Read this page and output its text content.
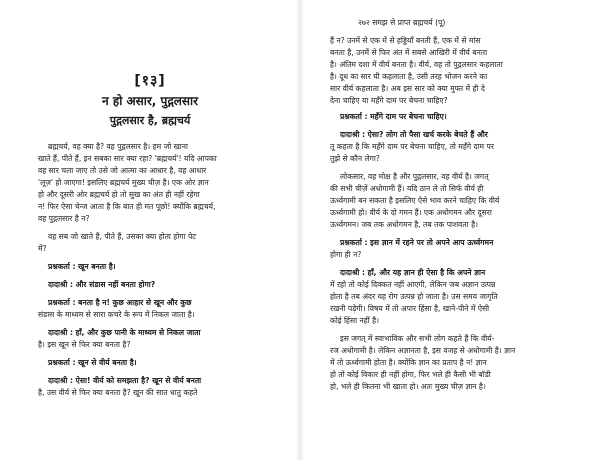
[१३]
न हो असार, पुद्गलसार
पुद्गलसार है, ब्रह्मचर्य
ब्रह्मचर्य, वह क्या है? वह पुद्गलसार है। हम जो खाना
खाते हैं, पीते हैं, इन सबका सार क्या रहा? 'ब्रह्मचर्य'! यदि आपका
वह सार चला जाए तो उसे जो आत्मा का आधार है, वह आधार
'लूज़' हो जाएगा! इसलिए ब्रह्मचर्य मुख्य चीज़ है। एक ओर ज्ञान
हो और दूसरी ओर ब्रह्मचर्य हो तो सुख का अंत ही नहीं रहेगा
न! फिर ऐसा चेन्ज आता है कि बात ही मत पूछो! क्योंकि ब्रह्मचर्य,
वह पुद्गलसार है न?
वह सब जो खाते हैं, पीते हैं, उसका क्या होता होगा पेट
में?
प्रश्नकर्ता : खून बनता है।
दादाश्री : और संडास नहीं बनता होगा?
प्रश्नकर्ता : बनता है न! कुछ आहार से खून और कुछ
संडास के माध्यम से सारा कचरे के रूप में निकल जाता है।
दादाश्री : हाँ, और कुछ पानी के माध्यम से निकल जाता
है। इस खून से फिर क्या बनता है?
प्रश्नकर्ता : खून से वीर्य बनता है।
दादाश्री : ऐसा! वीर्य को समझता है? खून से वीर्य बनता
है, उस वीर्य से फिर क्या बनता है? खून की सात धातु कहते
२७२ समझ से प्राप्त ब्रह्मचर्य (पू)
हैं न? उनमें से एक में से हड्डियाँ बनती हैं, एक में से मांस
बनता है, उनमें से फिर अंत में सबसे आखिरी में वीर्य बनता
है। अंतिम दशा में वीर्य बनता है। वीर्य, वह तो पुद्गलसार कहलाता
है। दूध का सार घी कहलाता है, उसी तरह भोजन करने का
सार वीर्य कहलाता है। अब इस सार को क्या मुफ्त में ही दे
देना चाहिए या महँगे दाम पर बेचना चाहिए?
प्रश्नकर्ता : महँगे दाम पर बेचना चाहिए।
दादाश्री : ऐसा? लोग तो पैसा खर्च करके बेचते हैं और
तू कहता है कि महँगे दाम पर बेचना चाहिए, तो महँगे दाम पर
तुझे से कौन लेगा?
लोकसार, वह मोक्ष है और पुद्गलसार, वह वीर्य है। जगत्
की सभी चीज़ें अधोगामी हैं। यदि ठान ले तो सिर्फ वीर्य ही
ऊर्ध्वगामी बन सकता है इसलिए ऐसे भाव करने चाहिए कि वीर्य
ऊर्ध्वगामी हो। वीर्य के दो गमन हैं। एक अधोगमन और दूसरा
ऊर्ध्वगमन। जब तक अधोगमन है, तब तक पाशवता है।
प्रश्नकर्ता : इस ज्ञान में रहने पर तो अपने आप ऊर्ध्वगमन
होगा ही न?
दादाश्री : हाँ, और यह ज्ञान ही ऐसा है कि अपने ज्ञान
में रहो तो कोई दिक्कत नहीं आएगी, लेकिन जब अज्ञान उत्पन्न
होता है तब अंदर यह रोग उत्पन्न हो जाता है। उस समय जागृति
रखनी पड़ेगी। विषय में तो अपार हिंसा है, खाने-पीने में ऐसी
कोई हिंसा नहीं है।
इस जगत् में स्वाभाविक और सभी लोग कहते हैं कि वीर्य-
रज अधोगामी है। लेकिन अज्ञानता है, इस वजह से अधोगामी है। ज्ञान
में तो ऊर्ध्वगामी होता है। क्योंकि ज्ञान का प्रताप है न! ज्ञान
हो तो कोई विकार ही नहीं होगा, फिर भले ही कैसी भी बॉडी
हो, भले ही कितना भी खाता हो। अतः मुख्य चीज़ ज्ञान है।
